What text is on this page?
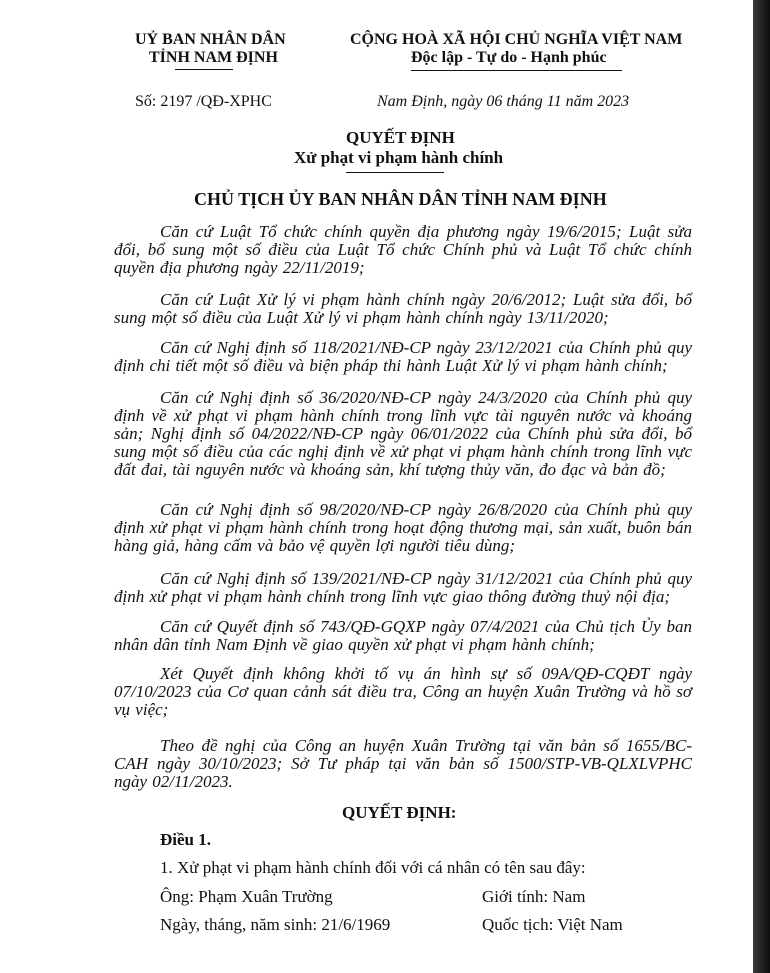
UỶ BAN NHÂN DÂN
TỈNH NAM ĐỊNH
CỘNG HOÀ XÃ HỘI CHỦ NGHĨA VIỆT NAM
Độc lập - Tự do - Hạnh phúc
Số: 2197 /QĐ-XPHC	Nam Định, ngày 06 tháng 11 năm 2023
QUYẾT ĐỊNH
Xử phạt vi phạm hành chính
CHỦ TỊCH ỦY BAN NHÂN DÂN TỈNH NAM ĐỊNH
Căn cứ Luật Tổ chức chính quyền địa phương ngày 19/6/2015; Luật sửa đổi, bổ sung một số điều của Luật Tổ chức Chính phủ và Luật Tổ chức chính quyền địa phương ngày 22/11/2019;
Căn cứ Luật Xử lý vi phạm hành chính ngày 20/6/2012; Luật sửa đổi, bổ sung một số điều của Luật Xử lý vi phạm hành chính ngày 13/11/2020;
Căn cứ Nghị định số 118/2021/NĐ-CP ngày 23/12/2021 của Chính phủ quy định chi tiết một số điều và biện pháp thi hành Luật Xử lý vi phạm hành chính;
Căn cứ Nghị định số 36/2020/NĐ-CP ngày 24/3/2020 của Chính phủ quy định về xử phạt vi phạm hành chính trong lĩnh vực tài nguyên nước và khoáng sản; Nghị định số 04/2022/NĐ-CP ngày 06/01/2022 của Chính phủ sửa đổi, bổ sung một số điều của các nghị định về xử phạt vi phạm hành chính trong lĩnh vực đất đai, tài nguyên nước và khoáng sản, khí tượng thủy văn, đo đạc và bản đồ;
Căn cứ Nghị định số 98/2020/NĐ-CP ngày 26/8/2020 của Chính phủ quy định xử phạt vi phạm hành chính trong hoạt động thương mại, sản xuất, buôn bán hàng giả, hàng cấm và bảo vệ quyền lợi người tiêu dùng;
Căn cứ Nghị định số 139/2021/NĐ-CP ngày 31/12/2021 của Chính phủ quy định xử phạt vi phạm hành chính trong lĩnh vực giao thông đường thuỷ nội địa;
Căn cứ Quyết định số 743/QĐ-GQXP ngày 07/4/2021 của Chủ tịch Ủy ban nhân dân tỉnh Nam Định về giao quyền xử phạt vi phạm hành chính;
Xét Quyết định không khởi tố vụ án hình sự số 09A/QĐ-CQĐT ngày 07/10/2023 của Cơ quan cảnh sát điều tra, Công an huyện Xuân Trường và hồ sơ vụ việc;
Theo đề nghị của Công an huyện Xuân Trường tại văn bản số 1655/BC-CAH ngày 30/10/2023; Sở Tư pháp tại văn bản số 1500/STP-VB-QLXLVPHC ngày 02/11/2023.
QUYẾT ĐỊNH:
Điều 1.
1. Xử phạt vi phạm hành chính đối với cá nhân có tên sau đây:
Ông: Phạm Xuân Trường	Giới tính: Nam
Ngày, tháng, năm sinh: 21/6/1969	Quốc tịch: Việt Nam
